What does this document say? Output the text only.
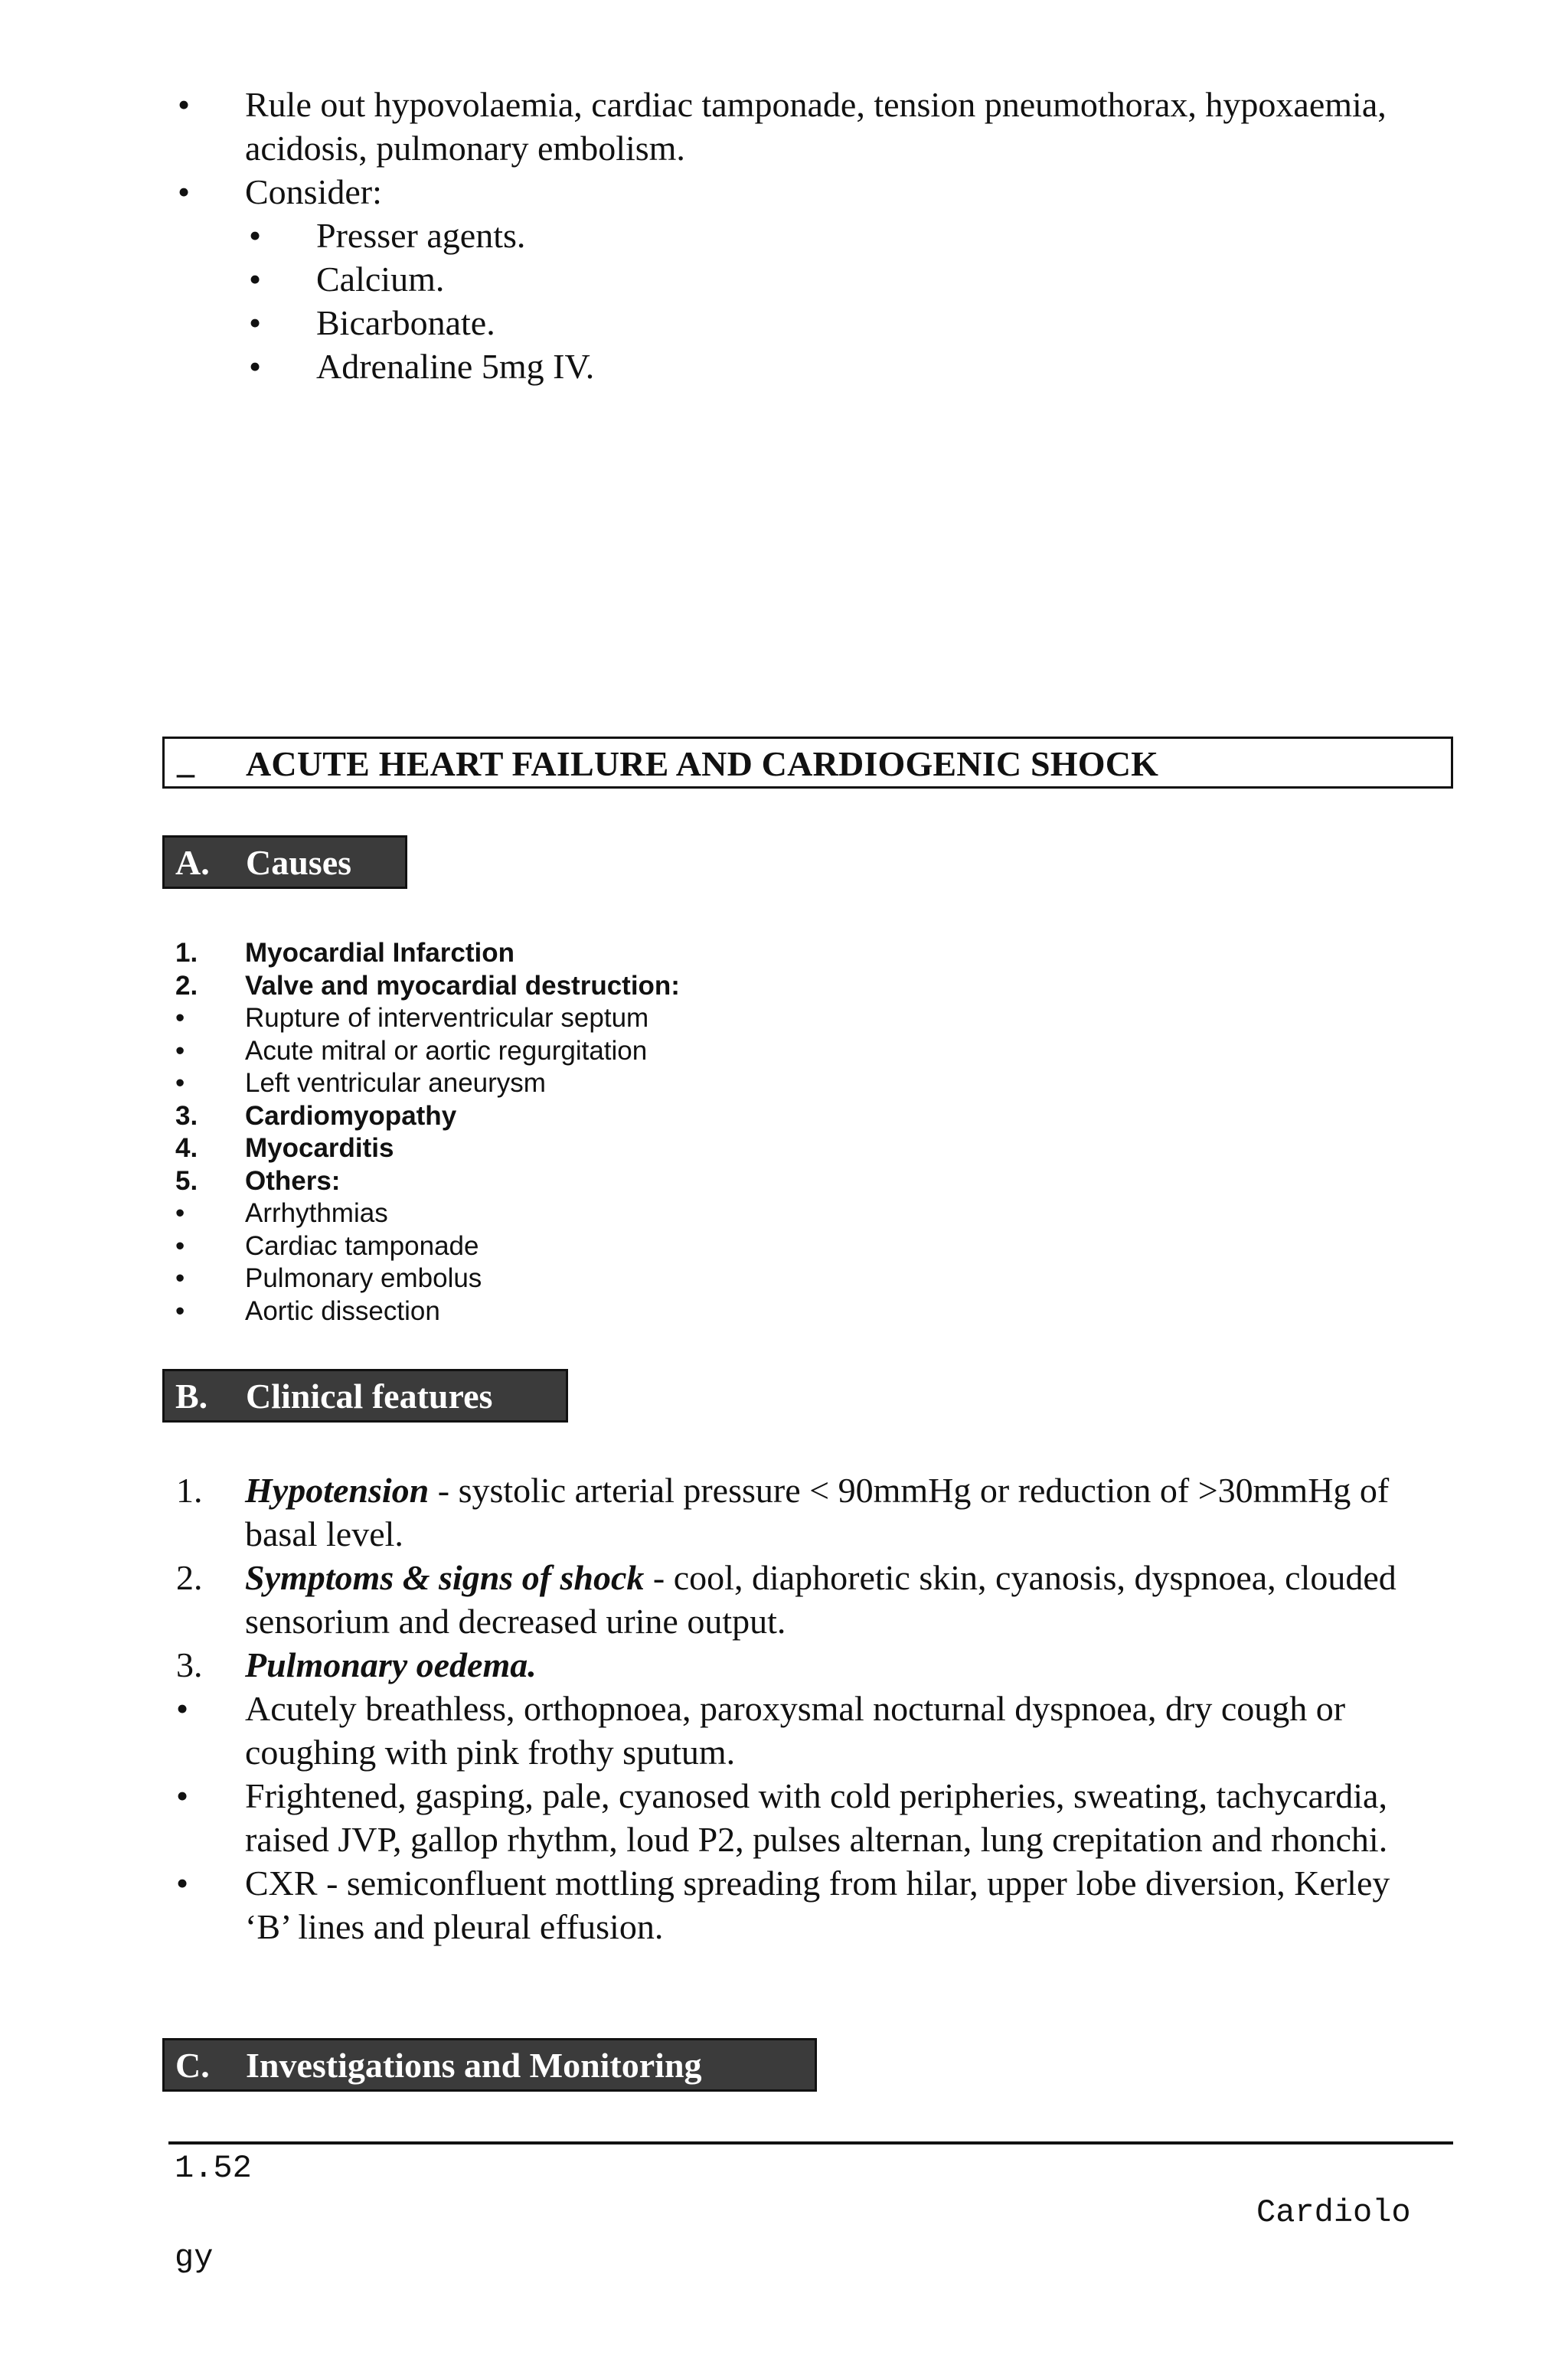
• Rule out hypovolaemia, cardiac tamponade, tension pneumothorax, hypoxaemia, acidosis, pulmonary embolism.
• Consider:
• Presser agents.
• Calcium.
• Bicarbonate.
• Adrenaline 5mg IV.
_ ACUTE HEART FAILURE AND CARDIOGENIC SHOCK
A. Causes
1. Myocardial Infarction
2. Valve and myocardial destruction:
• Rupture of interventricular septum
• Acute mitral or aortic regurgitation
• Left ventricular aneurysm
3. Cardiomyopathy
4. Myocarditis
5. Others:
• Arrhythmias
• Cardiac tamponade
• Pulmonary embolus
• Aortic dissection
B. Clinical features
1. Hypotension - systolic arterial pressure < 90mmHg or reduction of >30mmHg of basal level.
2. Symptoms & signs of shock - cool, diaphoretic skin, cyanosis, dyspnoea, clouded sensorium and decreased urine output.
3. Pulmonary oedema.
• Acutely breathless, orthopnoea, paroxysmal nocturnal dyspnoea, dry cough or coughing with pink frothy sputum.
• Frightened, gasping, pale, cyanosed with cold peripheries, sweating, tachycardia, raised JVP, gallop rhythm, loud P2, pulses alternan, lung crepitation and rhonchi.
• CXR - semiconfluent mottling spreading from hilar, upper lobe diversion, Kerley ‘B’ lines and pleural effusion.
C. Investigations and Monitoring
1.52
Cardiolo
gy
